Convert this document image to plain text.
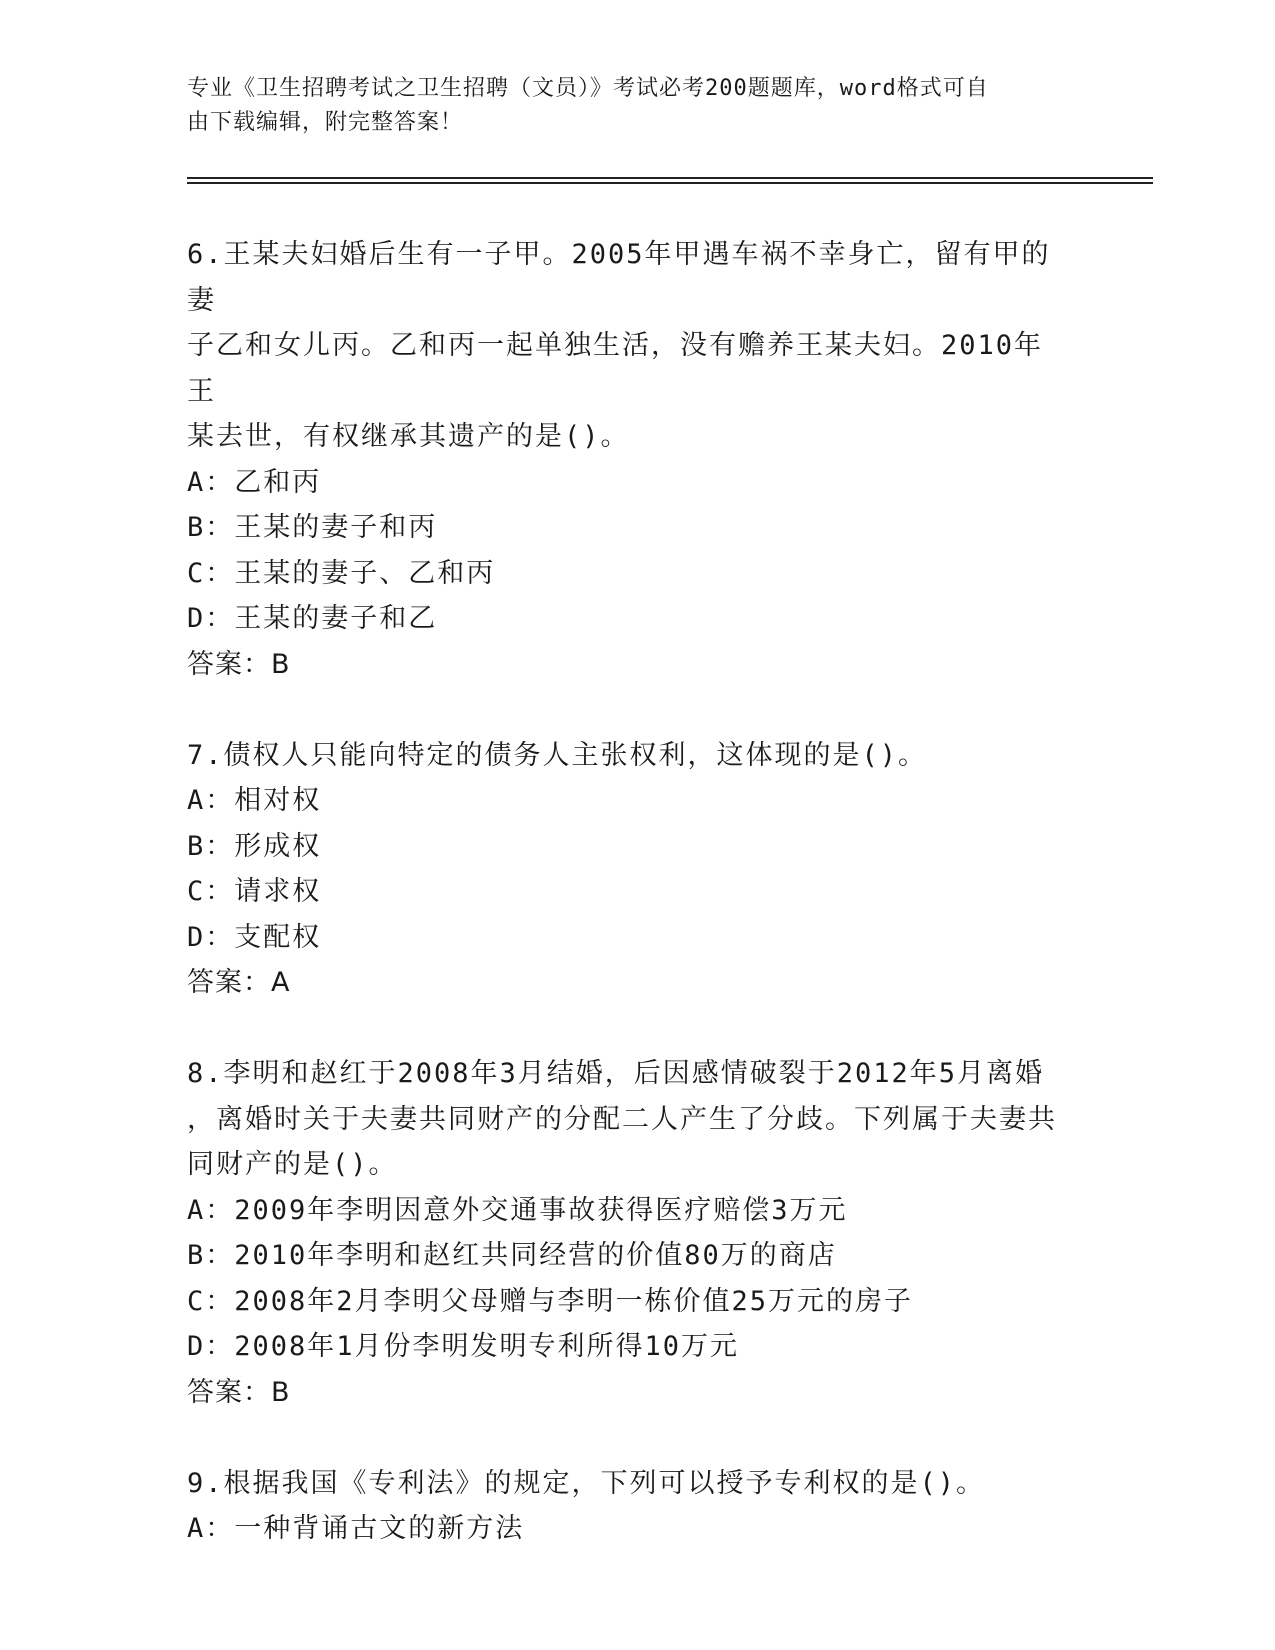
专业《卫生招聘考试之卫生招聘（文员）》考试必考200题题库，word格式可自
由下载编辑，附完整答案！
6.王某夫妇婚后生有一子甲。2005年甲遇车祸不幸身亡，留有甲的妻
子乙和女儿丙。乙和丙一起单独生活，没有赡养王某夫妇。2010年王
某去世，有权继承其遗产的是()。
A：乙和丙
B：王某的妻子和丙
C：王某的妻子、乙和丙
D：王某的妻子和乙
答案：B
7.债权人只能向特定的债务人主张权利，这体现的是()。
A：相对权
B：形成权
C：请求权
D：支配权
答案：A
8.李明和赵红于2008年3月结婚，后因感情破裂于2012年5月离婚
，离婚时关于夫妻共同财产的分配二人产生了分歧。下列属于夫妻共
同财产的是()。
A：2009年李明因意外交通事故获得医疗赔偿3万元
B：2010年李明和赵红共同经营的价值80万的商店
C：2008年2月李明父母赠与李明一栋价值25万元的房子
D：2008年1月份李明发明专利所得10万元
答案：B
9.根据我国《专利法》的规定，下列可以授予专利权的是()。
A：一种背诵古文的新方法
